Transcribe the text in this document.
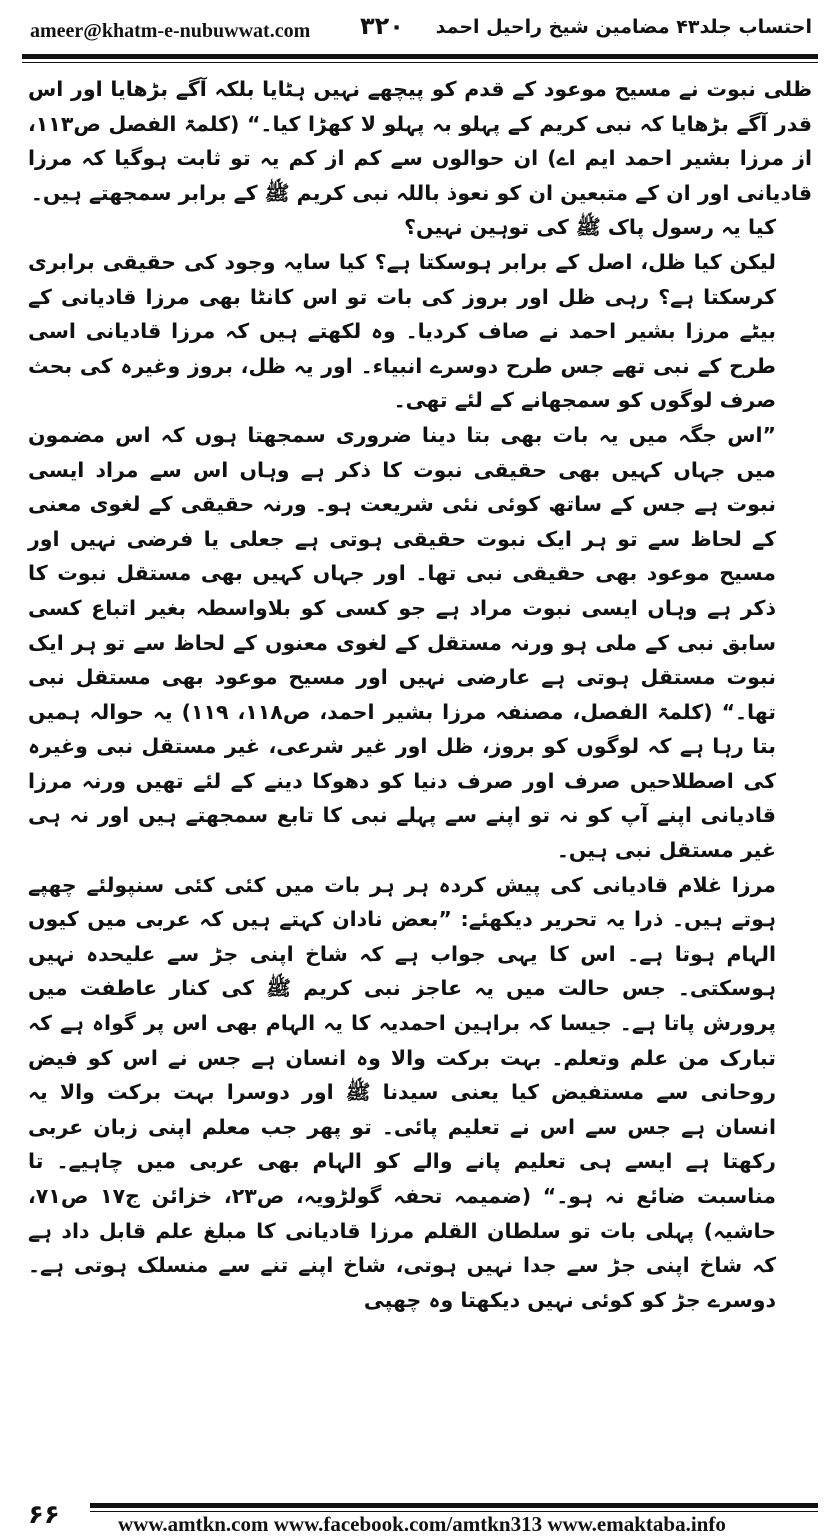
ameer@khatm-e-nubuwwat.com ۳۲۰ احتساب جلد۴۳ مضامین شیخ راحیل احمد

ظلی نبوت نے مسیح موعود کے قدم کو پیچھے نہیں ہٹایا بلکہ آگے بڑھایا اور اس قدر آگے بڑھایا کہ نبی کریم کے پہلو بہ پہلو لا کھڑا کیا۔“ (کلمۃ الفصل ص۱۱۳، از مرزا بشیر احمد ایم اے) ان حوالوں سے کم از کم یہ تو ثابت ہوگیا کہ مرزا قادیانی اور ان کے متبعین ان کو نعوذ باللہ نبی کریم ﷺ کے برابر سمجھتے ہیں۔

کیا یہ رسول پاک ﷺ کی توہین نہیں؟

لیکن کیا ظل، اصل کے برابر ہوسکتا ہے؟ کیا سایہ وجود کی حقیقی برابری کرسکتا ہے؟ رہی ظل اور بروز کی بات تو اس کانٹا بھی مرزا قادیانی کے بیٹے مرزا بشیر احمد نے صاف کردیا۔ وہ لکھتے ہیں کہ مرزا قادیانی اسی طرح کے نبی تھے جس طرح دوسرے انبیاء۔ اور یہ ظل، بروز وغیرہ کی بحث صرف لوگوں کو سمجھانے کے لئے تھی۔

”اس جگہ میں یہ بات بھی بتا دینا ضروری سمجھتا ہوں کہ اس مضمون میں جہاں کہیں بھی حقیقی نبوت کا ذکر ہے وہاں اس سے مراد ایسی نبوت ہے جس کے ساتھ کوئی نئی شریعت ہو۔ ورنہ حقیقی کے لغوی معنی کے لحاظ سے تو ہر ایک نبوت حقیقی ہوتی ہے جعلی یا فرضی نہیں اور مسیح موعود بھی حقیقی نبی تھا۔ اور جہاں کہیں بھی مستقل نبوت کا ذکر ہے وہاں ایسی نبوت مراد ہے جو کسی کو بلاواسطہ بغیر اتباع کسی سابق نبی کے ملی ہو ورنہ مستقل کے لغوی معنوں کے لحاظ سے تو ہر ایک نبوت مستقل ہوتی ہے عارضی نہیں اور مسیح موعود بھی مستقل نبی تھا۔“ (کلمۃ الفصل، مصنفہ مرزا بشیر احمد، ص۱۱۸، ۱۱۹) یہ حوالہ ہمیں بتا رہا ہے کہ لوگوں کو بروز، ظل اور غیر شرعی، غیر مستقل نبی وغیرہ کی اصطلاحیں صرف اور صرف دنیا کو دھوکا دینے کے لئے تھیں ورنہ مرزا قادیانی اپنے آپ کو نہ تو اپنے سے پہلے نبی کا تابع سمجھتے ہیں اور نہ ہی غیر مستقل نبی ہیں۔

مرزا غلام قادیانی کی پیش کردہ ہر ہر بات میں کئی کئی سنپولئے چھپے ہوتے ہیں۔ ذرا یہ تحریر دیکھئے: ”بعض نادان کہتے ہیں کہ عربی میں کیوں الہام ہوتا ہے۔ اس کا یہی جواب ہے کہ شاخ اپنی جڑ سے علیحدہ نہیں ہوسکتی۔ جس حالت میں یہ عاجز نبی کریم ﷺ کی کنار عاطفت میں پرورش پاتا ہے۔ جیسا کہ براہین احمدیہ کا یہ الہام بھی اس پر گواہ ہے کہ تبارک من علم وتعلم۔ بہت برکت والا وہ انسان ہے جس نے اس کو فیض روحانی سے مستفیض کیا یعنی سیدنا ﷺ اور دوسرا بہت برکت والا یہ انسان ہے جس سے اس نے تعلیم پائی۔ تو پھر جب معلم اپنی زبان عربی رکھتا ہے ایسے ہی تعلیم پانے والے کو الہام بھی عربی میں چاہیے۔ تا مناسبت ضائع نہ ہو۔“ (ضمیمہ تحفہ گولڑویہ، ص۲۳، خزائن ج۱۷ ص۷۱، حاشیہ) پہلی بات تو سلطان القلم مرزا قادیانی کا مبلغ علم قابل داد ہے کہ شاخ اپنی جڑ سے جدا نہیں ہوتی، شاخ اپنے تنے سے منسلک ہوتی ہے۔ دوسرے جڑ کو کوئی نہیں دیکھتا وہ چھپی

۶۶	www.amtkn.com www.facebook.com/amtkn313 www.emaktaba.info
